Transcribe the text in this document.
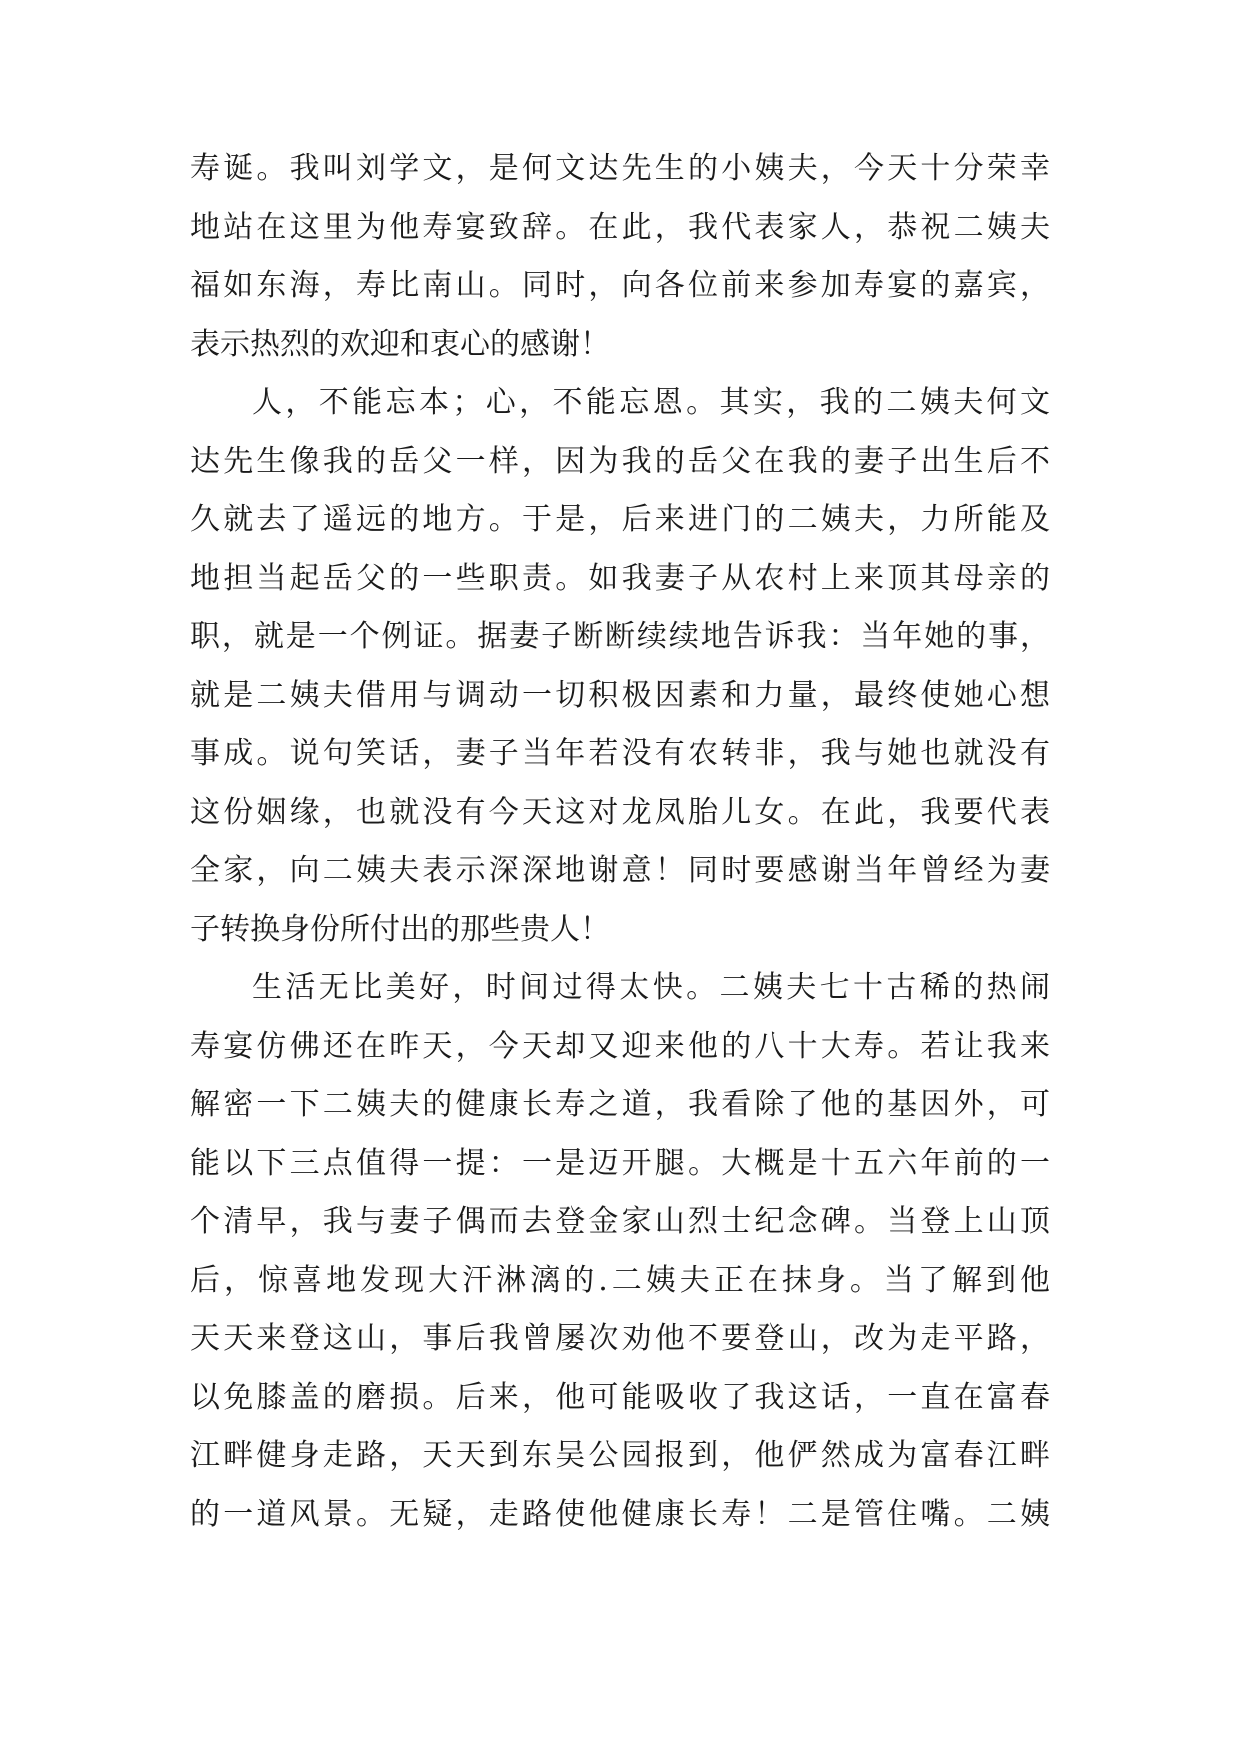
寿诞。我叫刘学文，是何文达先生的小姨夫，今天十分荣幸
地站在这里为他寿宴致辞。在此，我代表家人，恭祝二姨夫
福如东海，寿比南山。同时，向各位前来参加寿宴的嘉宾，
表示热烈的欢迎和衷心的感谢！
人，不能忘本；心，不能忘恩。其实，我的二姨夫何文
达先生像我的岳父一样，因为我的岳父在我的妻子出生后不
久就去了遥远的地方。于是，后来进门的二姨夫，力所能及
地担当起岳父的一些职责。如我妻子从农村上来顶其母亲的
职，就是一个例证。据妻子断断续续地告诉我：当年她的事，
就是二姨夫借用与调动一切积极因素和力量，最终使她心想
事成。说句笑话，妻子当年若没有农转非，我与她也就没有
这份姻缘，也就没有今天这对龙凤胎儿女。在此，我要代表
全家，向二姨夫表示深深地谢意！同时要感谢当年曾经为妻
子转换身份所付出的那些贵人！
生活无比美好，时间过得太快。二姨夫七十古稀的热闹
寿宴仿佛还在昨天，今天却又迎来他的八十大寿。若让我来
解密一下二姨夫的健康长寿之道，我看除了他的基因外，可
能以下三点值得一提：一是迈开腿。大概是十五六年前的一
个清早，我与妻子偶而去登金家山烈士纪念碑。当登上山顶
后，惊喜地发现大汗淋漓的.二姨夫正在抹身。当了解到他
天天来登这山，事后我曾屡次劝他不要登山，改为走平路，
以免膝盖的磨损。后来，他可能吸收了我这话，一直在富春
江畔健身走路，天天到东吴公园报到，他俨然成为富春江畔
的一道风景。无疑，走路使他健康长寿！二是管住嘴。二姨
